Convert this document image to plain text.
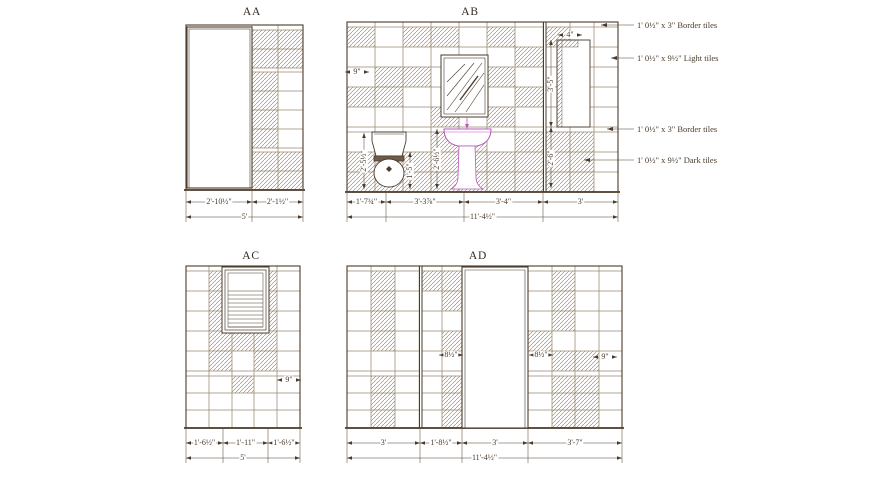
2'-10½"	2'-1½"
5'
1'-7¾"	3'-3⅞"	3'-4"	3'
11'-4½"
2'-5½"	1'-5"
2'-6½"
3'-5"
2'-6"
9"
4"
1'-6½"	1'-11" 1'-6½"
5'
9"
3'	1'-8½"	3'	3'-7"
11'-4½"
8½"	8½"	9"
AA	AB
AC	AD
1' 0½" x 3" Border tiles
1' 0½" x 9½" Light tiles
1' 0½" x 3" Border tiles
1' 0½" x 9½" Dark tiles
